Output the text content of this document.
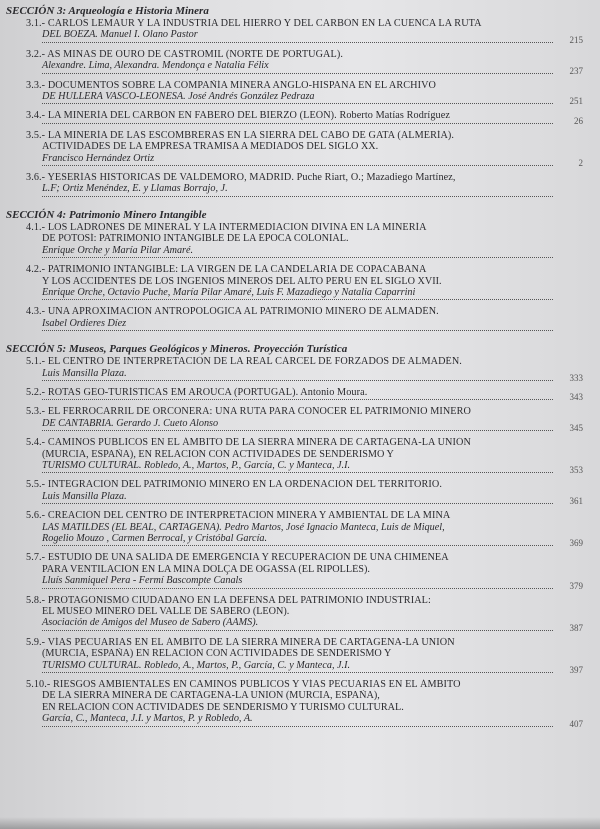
SECCIÓN 3: Arqueología e Historia Minera
3.1.- CARLOS LEMAUR Y LA INDUSTRIA DEL HIERRO Y DEL CARBÓN EN LA CUENCA LA RUTA
DEL BOEZA. Manuel I. Olano Pastor	215
3.2.- AS MINAS DE OURO DE CASTROMIL (NORTE DE PORTUGAL).
Alexandre. Lima, Alexandra. Mendonça e Natalia Félix	237
3.3.- DOCUMENTOS SOBRE LA COMPAÑÍA MINERA ANGLO-HISPANA EN EL ARCHIVO
DE HULLERA VASCO-LEONESA. José Andrés González Pedraza	251
3.4.- LA MINERÍA DEL CARBÓN EN FABERO DEL BIERZO (LEÓN). Roberto Matías Rodríguez	26
3.5.- LA MINERÍA DE LAS ESCOMBRERAS EN LA SIERRA DEL CABO DE GATA (ALMERÍA).
ACTIVIDADES DE LA EMPRESA TRAMISA A MEDIADOS DEL SIGLO XX.
Francisco Hernández Ortiz	2
3.6.- YESERÍAS HISTÓRICAS DE VALDEMORO, MADRID. Puche Riart, O.; Mazadiego Martínez,
L.F; Ortiz Menéndez, E. y Llamas Borrajo, J.
SECCIÓN 4: Patrimonio Minero Intangible
4.1.- LOS LADRONES DE MINERAL Y LA INTERMEDIACIÓN DIVINA EN LA MINERÍA
DE POTOSÍ: PATRIMONIO INTANGIBLE DE LA ÉPOCA COLONIAL.
Enrique Orche y María Pilar Amaré.
4.2.- PATRIMONIO INTANGIBLE: LA VIRGEN DE LA CANDELARIA DE COPACABANA
Y LOS ACCIDENTES DE LOS INGENIOS MINEROS DEL ALTO PERÚ EN EL SIGLO XVII.
Enrique Orche, Octavio Puche, María Pilar Amaré, Luis F. Mazadiego y Natalia Caparrini
4.3.- UNA APROXIMACIÓN ANTROPOLÓGICA AL PATRIMONIO MINERO DE ALMADÉN.
Isabel Ordieres Díez
SECCIÓN 5: Museos, Parques Geológicos y Mineros. Proyección Turística
5.1.- EL CENTRO DE INTERPRETACIÓN DE LA REAL CÁRCEL DE FORZADOS DE ALMADÉN.
Luis Mansilla Plaza.	333
5.2.- ROTAS GEO-TURÍSTICAS EM AROUCA (PORTUGAL). Antonio Moura.	343
5.3.- EL FERROCARRIL DE ORCONERA: UNA RUTA PARA CONOCER EL PATRIMONIO MINERO
DE CANTABRIA. Gerardo J. Cueto Alonso	345
5.4.- CAMINOS PÚBLICOS EN EL ÁMBITO DE LA SIERRA MINERA DE CARTAGENA-LA UNIÓN
(MURCIA, ESPAÑA), EN RELACIÓN CON ACTIVIDADES DE SENDERISMO Y
TURISMO CULTURAL. Robledo, A., Martos, P., García, C. y Manteca, J.I.	353
5.5.- INTEGRACIÓN DEL PATRIMONIO MINERO EN LA ORDENACIÓN DEL TERRITORIO.
Luis Mansilla Plaza.	361
5.6.- CREACIÓN DEL CENTRO DE INTERPRETACIÓN MINERA Y AMBIENTAL DE LA MINA
LAS MATILDES (EL BEAL, CARTAGENA). Pedro Martos, José Ignacio Manteca, Luis de Miquel,
Rogelio Mouzo , Carmen Berrocal, y Cristóbal García.	369
5.7.- ESTUDIO DE UNA SALIDA DE EMERGENCIA Y RECUPERACIÓN DE UNA CHIMENEA
PARA VENTILACIÓN EN LA MINA DOLÇA DE OGASSA (EL RIPOLLÈS).
Lluís Sanmiquel Pera - Fermí Bascompte Canals	379
5.8.- PROTAGONISMO CIUDADANO EN LA DEFENSA DEL PATRIMONIO INDUSTRIAL:
EL MUSEO MINERO DEL VALLE DE SABERO (LEÓN).
Asociación de Amigos del Museo de Sabero (AAMS).	387
5.9.- VÍAS PECUARIAS EN EL ÁMBITO DE LA SIERRA MINERA DE CARTAGENA-LA UNIÓN
(MURCIA, ESPAÑA) EN RELACIÓN CON ACTIVIDADES DE SENDERISMO Y
TURISMO CULTURAL. Robledo, A., Martos, P., García, C. y Manteca, J.I.	397
5.10.- RIESGOS AMBIENTALES EN CAMINOS PÚBLICOS Y VÍAS PECUARIAS EN EL ÁMBITO
DE LA SIERRA MINERA DE CARTAGENA-LA UNIÓN (MURCIA, ESPAÑA),
EN RELACIÓN CON ACTIVIDADES DE SENDERISMO Y TURISMO CULTURAL.
García, C., Manteca, J.I. y Martos, P. y Robledo, A.	407
